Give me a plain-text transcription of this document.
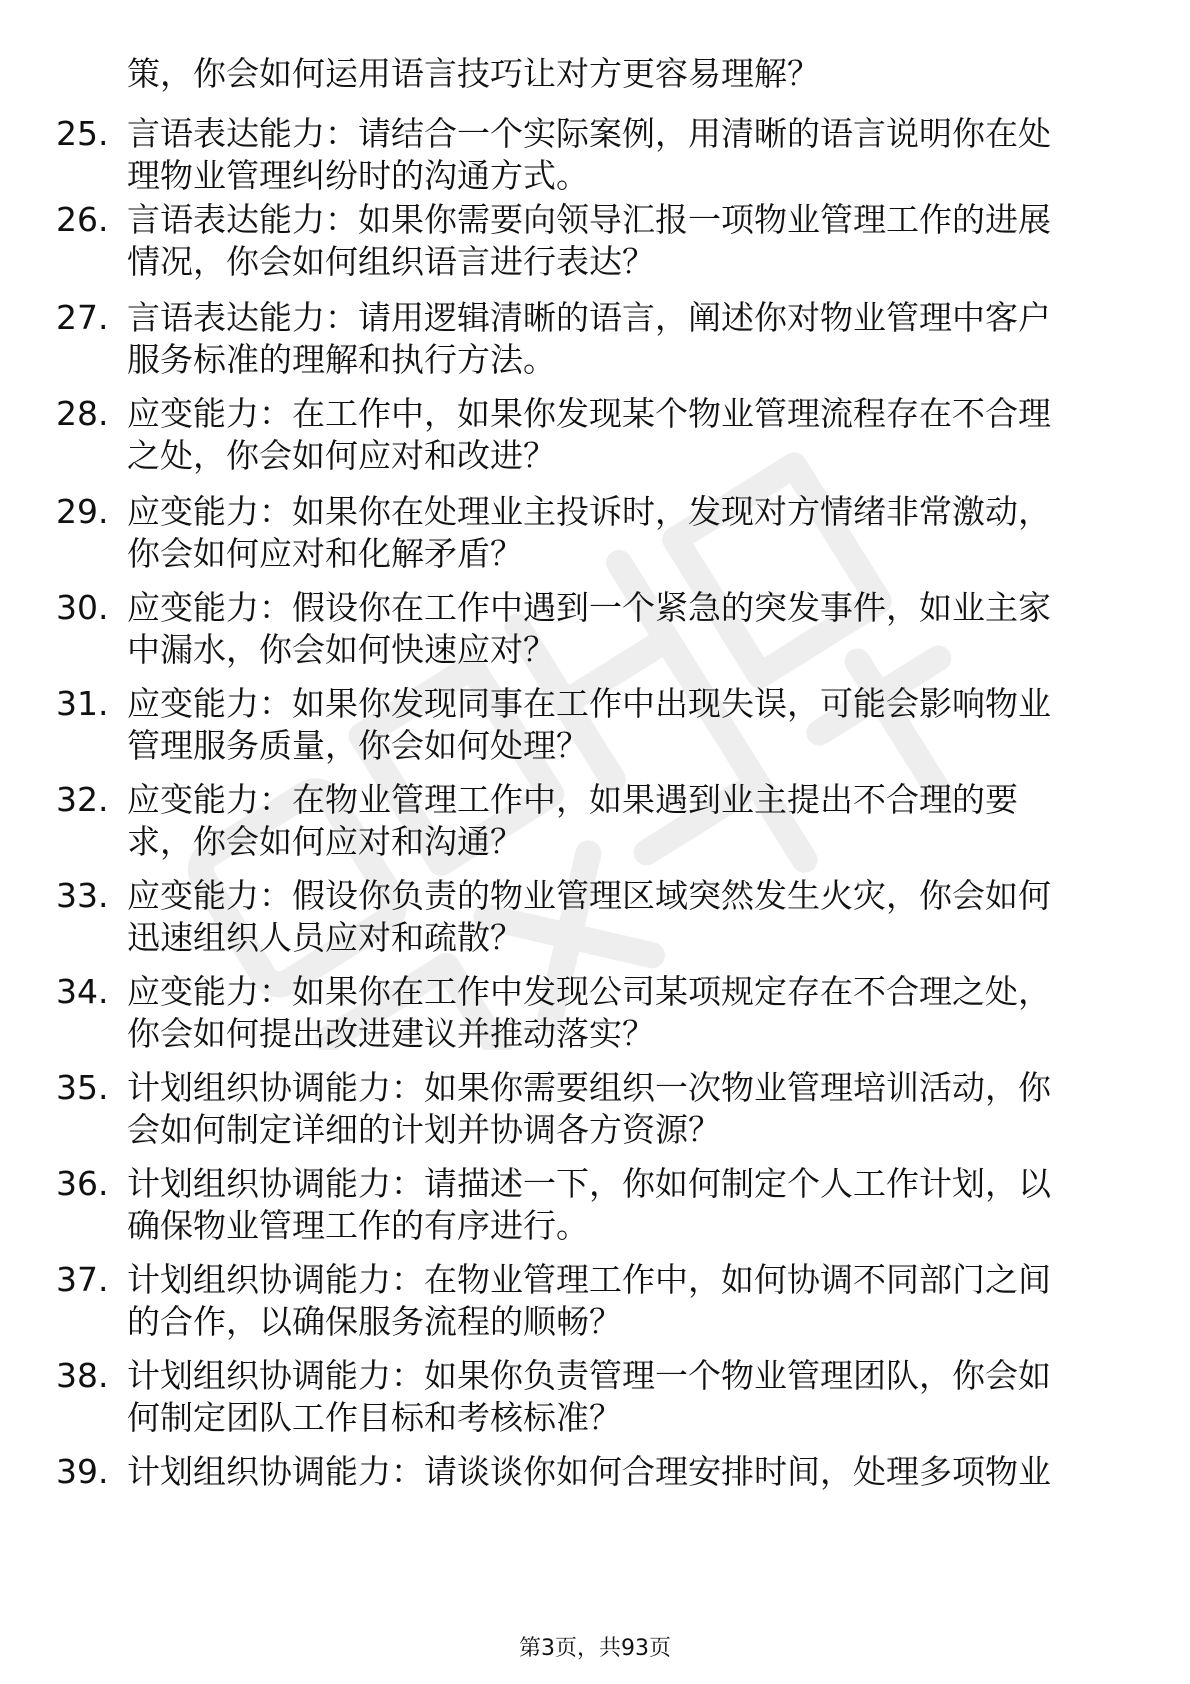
策，你会如何运用语言技巧让对方更容易理解？
25. 言语表达能力：请结合一个实际案例，用清晰的语言说明你在处
理物业管理纠纷时的沟通方式。
26. 言语表达能力：如果你需要向领导汇报一项物业管理工作的进展
情况，你会如何组织语言进行表达？
27. 言语表达能力：请用逻辑清晰的语言，阐述你对物业管理中客户
服务标准的理解和执行方法。
28. 应变能力：在工作中，如果你发现某个物业管理流程存在不合理
之处，你会如何应对和改进？
29. 应变能力：如果你在处理业主投诉时，发现对方情绪非常激动，
你会如何应对和化解矛盾？
30. 应变能力：假设你在工作中遇到一个紧急的突发事件，如业主家
中漏水，你会如何快速应对？
31. 应变能力：如果你发现同事在工作中出现失误，可能会影响物业
管理服务质量，你会如何处理？
32. 应变能力：在物业管理工作中，如果遇到业主提出不合理的要
求，你会如何应对和沟通？
33. 应变能力：假设你负责的物业管理区域突然发生火灾，你会如何
迅速组织人员应对和疏散？
34. 应变能力：如果你在工作中发现公司某项规定存在不合理之处，
你会如何提出改进建议并推动落实？
35. 计划组织协调能力：如果你需要组织一次物业管理培训活动，你
会如何制定详细的计划并协调各方资源？
36. 计划组织协调能力：请描述一下，你如何制定个人工作计划，以
确保物业管理工作的有序进行。
37. 计划组织协调能力：在物业管理工作中，如何协调不同部门之间
的合作，以确保服务流程的顺畅？
38. 计划组织协调能力：如果你负责管理一个物业管理团队，你会如
何制定团队工作目标和考核标准？
39. 计划组织协调能力：请谈谈你如何合理安排时间，处理多项物业
第3页，共93页
